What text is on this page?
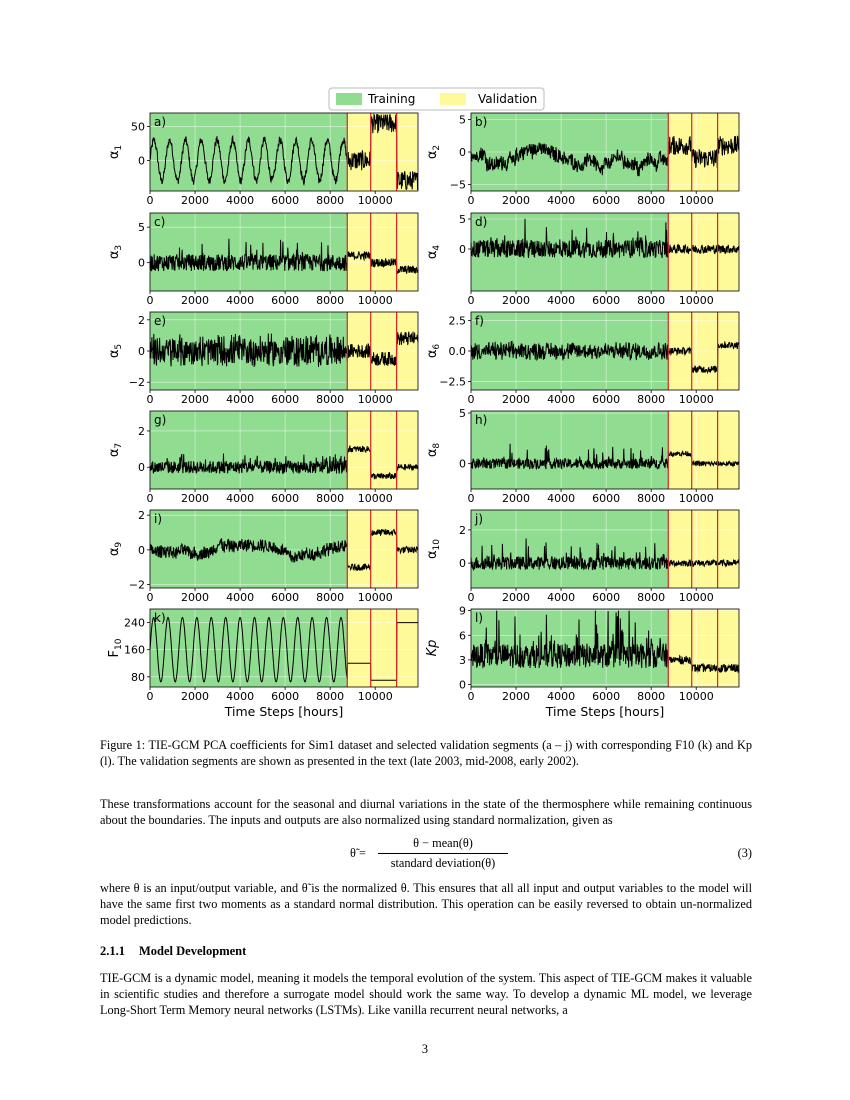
Training	Validation
0	2000 4000 6000 8000 10000
0
50 a)
$\alpha_1$
0	2000 4000 6000 8000 10000
−5
0
5 b)
$\alpha_2$
0	2000 4000 6000 8000 10000
0
5 c)
$\alpha_3$
0	2000 4000 6000 8000 10000
0
5 d)
$\alpha_4$
0	2000 4000 6000 8000 10000
−2
0
2 e)
$\alpha_5$
0	2000 4000 6000 8000 10000
−2.5
0.0
2.5 f)
$\alpha_6$
0	2000 4000 6000 8000 10000
0
2
g)
$\alpha_7$
0	2000 4000 6000 8000 10000
0
5 h)
$\alpha_8$
0	2000 4000 6000 8000 10000
−2
0
2 i)
$\alpha_9$
0	2000 4000 6000 8000 10000
0
2
j)
$\alpha_{10}$
0	2000 4000 6000 8000 10000
80
160
240 k)
$F_{10}$
Time Steps [hours]
0	2000 4000 6000 8000 10000
0
3
6
9 l)
Kp
Time Steps [hours]
Figure 1: TIE-GCM PCA coefficients for Sim1 dataset and selected validation segments (a – j) with corresponding F10 (k) and Kp (l). The validation segments are shown as presented in the text (late 2003, mid-2008, early 2002).
These transformations account for the seasonal and diurnal variations in the state of the thermosphere while remaining continuous about the boundaries. The inputs and outputs are also normalized using standard normalization, given as
θ̃ =
θ − mean(θ)
standard deviation(θ)
(3)
where θ is an input/output variable, and θ̃ is the normalized θ. This ensures that all all input and output variables to the model will have the same first two moments as a standard normal distribution. This operation can be easily reversed to obtain un-normalized model predictions.
2.1.1 Model Development
TIE-GCM is a dynamic model, meaning it models the temporal evolution of the system. This aspect of TIE-GCM makes it valuable in scientific studies and therefore a surrogate model should work the same way. To develop a dynamic ML model, we leverage Long-Short Term Memory neural networks (LSTMs). Like vanilla recurrent neural networks, a
3
